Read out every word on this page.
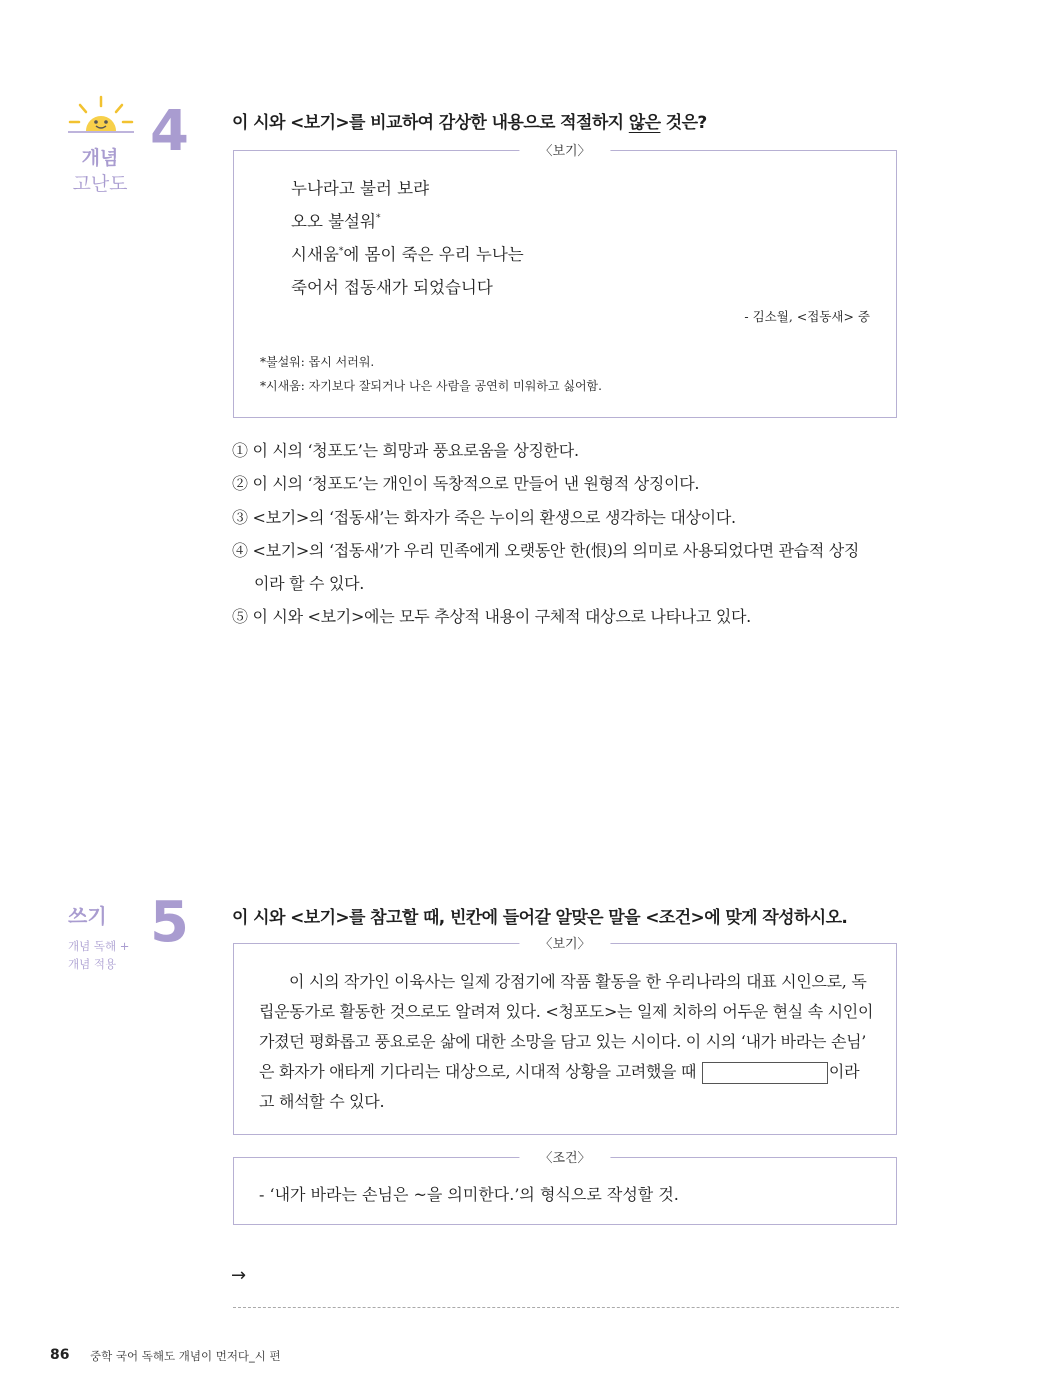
개념
고난도
4	이 시와 <보기>를 비교하여 감상한 내용으로 적절하지 않은 것은?
〈보기〉
누나라고 불러 보랴
오오 불설워*
시새움*에 몸이 죽은 우리 누나는
죽어서 접동새가 되었습니다
- 김소월, <접동새> 중
*불설워: 몹시 서러워.
*시새움: 자기보다 잘되거나 나은 사람을 공연히 미워하고 싫어함.
① 이 시의 ‘청포도’는 희망과 풍요로움을 상징한다.
② 이 시의 ‘청포도’는 개인이 독창적으로 만들어 낸 원형적 상징이다.
③ <보기>의 ‘접동새’는 화자가 죽은 누이의 환생으로 생각하는 대상이다.
④ <보기>의 ‘접동새’가 우리 민족에게 오랫동안 한(恨)의 의미로 사용되었다면 관습적 상징
이라 할 수 있다.
⑤ 이 시와 <보기>에는 모두 추상적 내용이 구체적 대상으로 나타나고 있다.
쓰기
개념 독해 +
개념 적용
5	이 시와 <보기>를 참고할 때, 빈칸에 들어갈 알맞은 말을 <조건>에 맞게 작성하시오.
〈보기〉
이 시의 작가인 이육사는 일제 강점기에 작품 활동을 한 우리나라의 대표 시인으로, 독
립운동가로 활동한 것으로도 알려져 있다. <청포도>는 일제 치하의 어두운 현실 속 시인이
가졌던 평화롭고 풍요로운 삶에 대한 소망을 담고 있는 시이다. 이 시의 ‘내가 바라는 손님’
은 화자가 애타게 기다리는 대상으로, 시대적 상황을 고려했을 때	이라
고 해석할 수 있다.
〈조건〉
- ‘내가 바라는 손님은 ~을 의미한다.’의 형식으로 작성할 것.
→
86 중학 국어 독해도 개념이 먼저다_시 편
